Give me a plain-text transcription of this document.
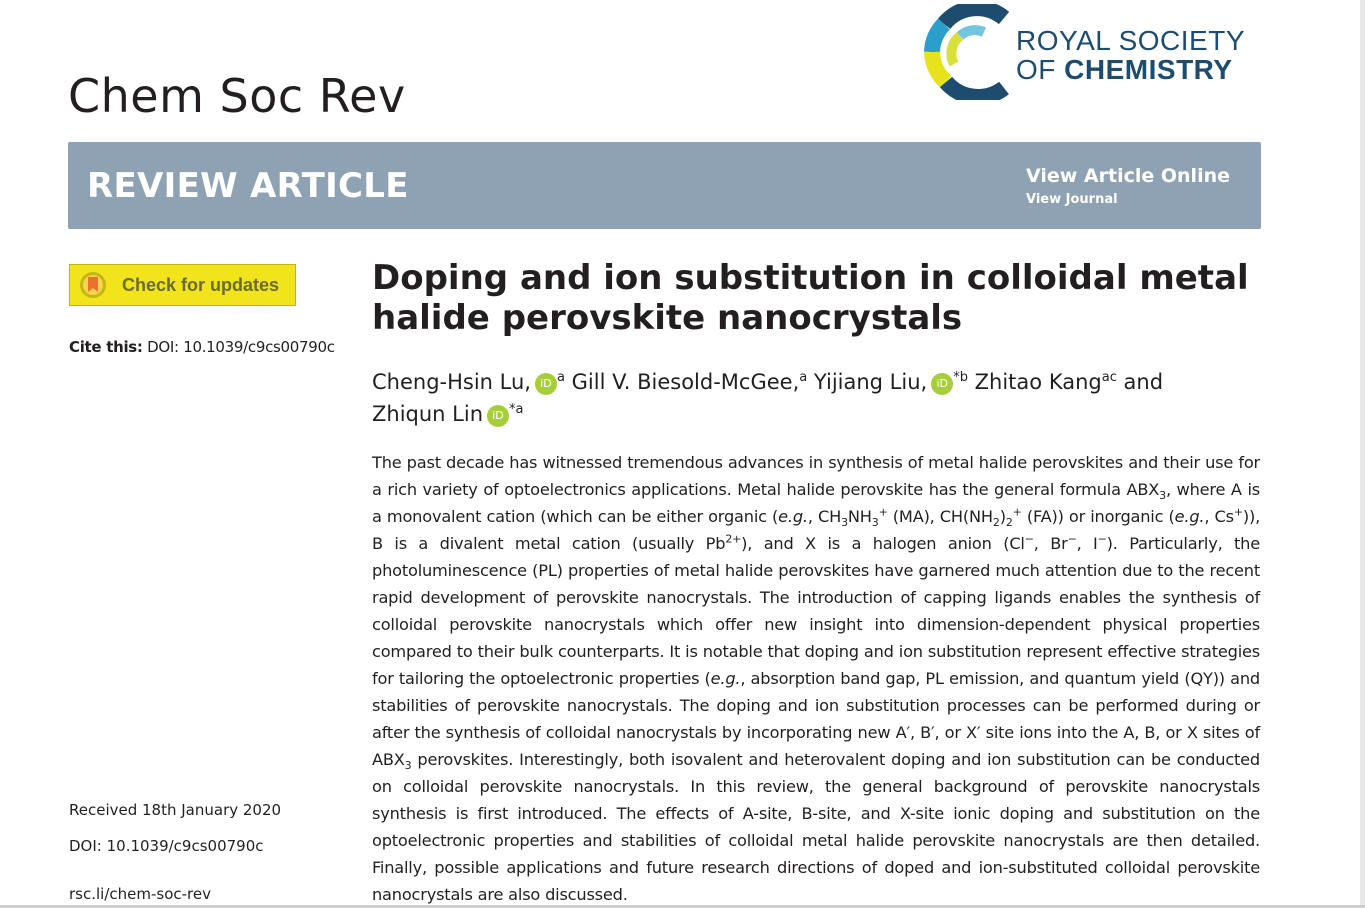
Chem Soc Rev
ROYAL SOCIETY
OF CHEMISTRY
REVIEW ARTICLE	View Article Online
View Journal
Check for updates
Cite this: DOI: 10.1039/c9cs00790c
Received 18th January 2020
DOI: 10.1039/c9cs00790c
rsc.li/chem-soc-rev
Doping and ion substitution in colloidal metal halide perovskite nanocrystals
Cheng-Hsin Lu, iD $^a$ Gill V. Biesold-McGee,$^a$ Yijiang Liu, iD $^{*b}$ Zhitao Kang$^{ac}$ and
Zhiqun Lin iD $^{*a}$

The past decade has witnessed tremendous advances in synthesis of metal halide perovskites and their use for a rich variety of optoelectronics applications. Metal halide perovskite has the general formula $ABX_3$, where A is a monovalent cation (which can be either organic (e.g., $CH_3NH_3^+$ (MA), $CH(NH_2)_2^+$ (FA)) or inorganic (e.g., Cs+)), B is a divalent metal cation (usually $Pb^{2+}$), and X is a halogen anion (Cl−, Br−, I−). Particularly, the photoluminescence (PL) properties of metal halide perovskites have garnered much attention due to the recent rapid development of perovskite nanocrystals. The introduction of capping ligands enables the synthesis of colloidal perovskite nanocrystals which offer new insight into dimension-dependent physical properties compared to their bulk counterparts. It is notable that doping and ion substitution represent effective strategies for tailoring the optoelectronic properties (e.g., absorption band gap, PL emission, and quantum yield (QY)) and stabilities of perovskite nanocrystals. The doping and ion substitution processes can be performed during or after the synthesis of colloidal nanocrystals by incorporating new A′, B′, or X′ site ions into the A, B, or X sites of $ABX_3$ perovskites. Interestingly, both isovalent and heterovalent doping and ion substitution can be conducted on colloidal perovskite nanocrystals. In this review, the general background of perovskite nanocrystals synthesis is first introduced. The effects of A-site, B-site, and X-site ionic doping and substitution on the optoelectronic properties and stabilities of colloidal metal halide perovskite nanocrystals are then detailed. Finally, possible applications and future research directions of doped and ion-substituted colloidal perovskite nanocrystals are also discussed.
